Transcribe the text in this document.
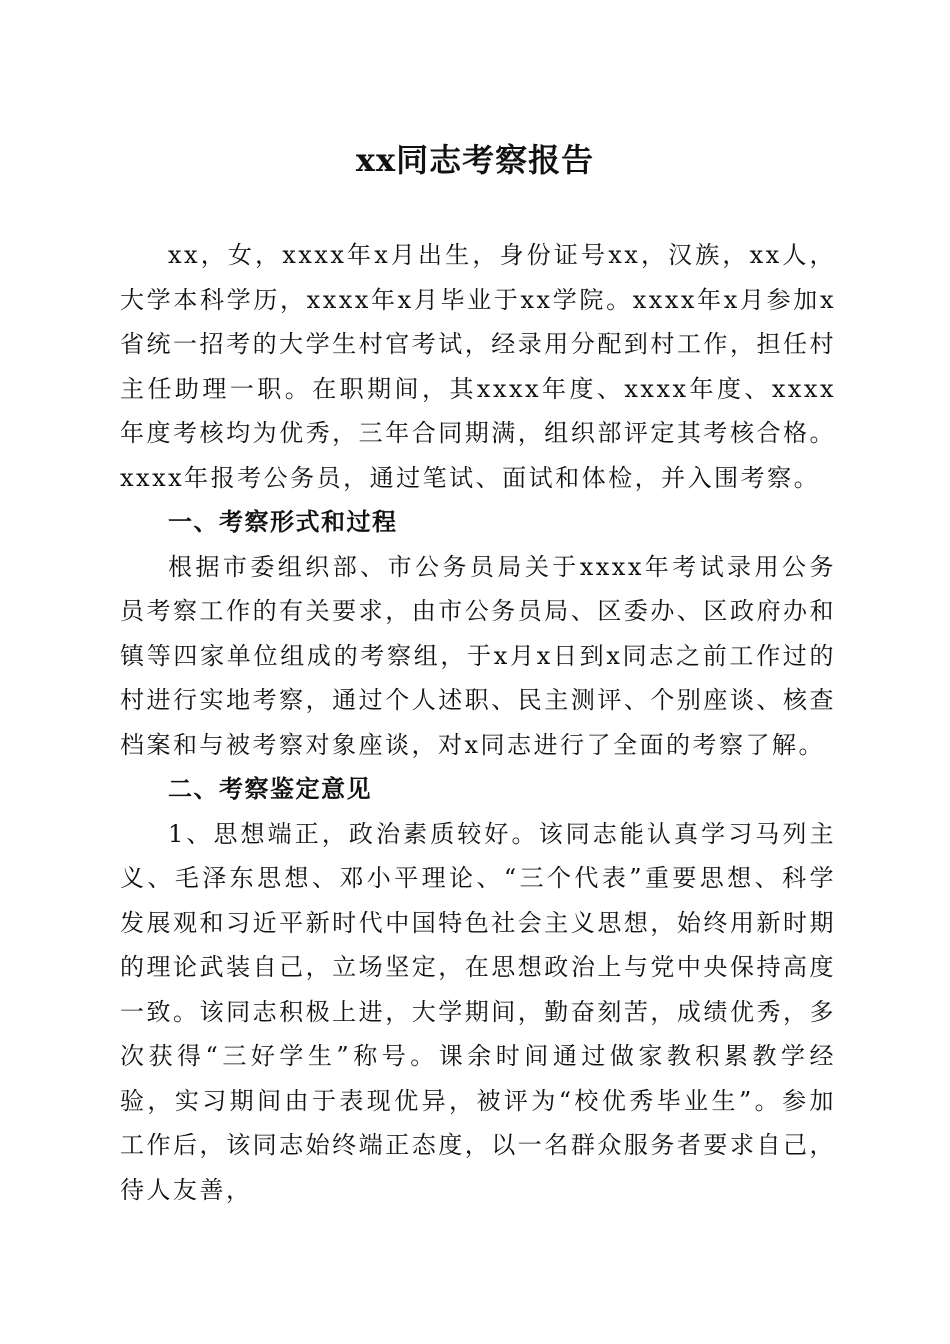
xx同志考察报告

xx，女，xxxx年x月出生，身份证号xx，汉族，xx人，大学本科学历，xxxx年x月毕业于xx学院。xxxx年x月参加x省统一招考的大学生村官考试，经录用分配到村工作，担任村主任助理一职。在职期间，其xxxx年度、xxxx年度、xxxx年度考核均为优秀，三年合同期满，组织部评定其考核合格。xxxx年报考公务员，通过笔试、面试和体检，并入围考察。

一、考察形式和过程

根据市委组织部、市公务员局关于xxxx年考试录用公务员考察工作的有关要求，由市公务员局、区委办、区政府办和镇等四家单位组成的考察组，于x月x日到x同志之前工作过的村进行实地考察，通过个人述职、民主测评、个别座谈、核查档案和与被考察对象座谈，对x同志进行了全面的考察了解。

二、考察鉴定意见

1、思想端正，政治素质较好。该同志能认真学习马列主义、毛泽东思想、邓小平理论、“三个代表”重要思想、科学发展观和习近平新时代中国特色社会主义思想，始终用新时期的理论武装自己，立场坚定，在思想政治上与党中央保持高度一致。该同志积极上进，大学期间，勤奋刻苦，成绩优秀，多次获得“三好学生”称号。课余时间通过做家教积累教学经验，实习期间由于表现优异，被评为“校优秀毕业生”。参加工作后，该同志始终端正态度，以一名群众服务者要求自己，待人友善，
